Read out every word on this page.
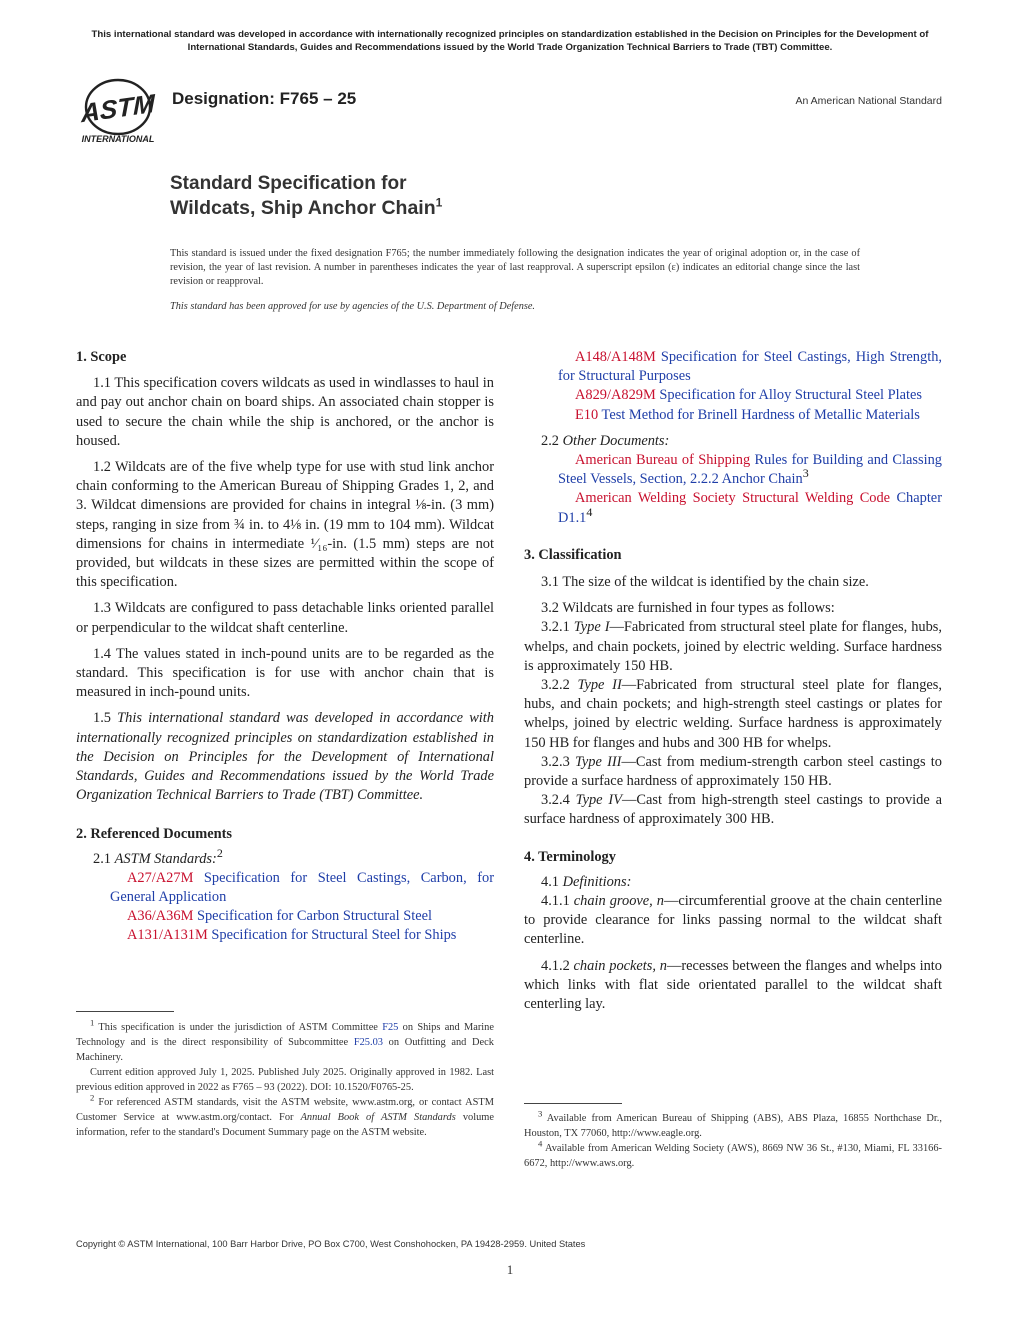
This international standard was developed in accordance with internationally recognized principles on standardization established in the Decision on Principles for the Development of International Standards, Guides and Recommendations issued by the World Trade Organization Technical Barriers to Trade (TBT) Committee.
ASTM
INTERNATIONAL
Designation: F765 – 25	An American National Standard
Standard Specification for
Wildcats, Ship Anchor Chain$^1$
This standard is issued under the fixed designation F765; the number immediately following the designation indicates the year of original adoption or, in the case of revision, the year of last revision. A number in parentheses indicates the year of last reapproval. A superscript epsilon (ε) indicates an editorial change since the last revision or reapproval.
This standard has been approved for use by agencies of the U.S. Department of Defense.
1. Scope

1.1 This specification covers wildcats as used in windlasses to haul in and pay out anchor chain on board ships. An associated chain stopper is used to secure the chain while the ship is anchored, or the anchor is housed.

1.2 Wildcats are of the five whelp type for use with stud link anchor chain conforming to the American Bureau of Shipping Grades 1, 2, and 3. Wildcat dimensions are provided for chains in integral ⅛-in. (3 mm) steps, ranging in size from ¾ in. to 4⅛ in. (19 mm to 104 mm). Wildcat dimensions for chains in intermediate ¹⁄₁₆-in. (1.5 mm) steps are not provided, but wildcats in these sizes are permitted within the scope of this specification.

1.3 Wildcats are configured to pass detachable links oriented parallel or perpendicular to the wildcat shaft centerline.

1.4 The values stated in inch-pound units are to be regarded as the standard. This specification is for use with anchor chain that is measured in inch-pound units.

1.5 This international standard was developed in accordance with internationally recognized principles on standardization established in the Decision on Principles for the Development of International Standards, Guides and Recommendations issued by the World Trade Organization Technical Barriers to Trade (TBT) Committee.

2. Referenced Documents

2.1 ASTM Standards:$^2$

A27/A27M Specification for Steel Castings, Carbon, for General Application

A36/A36M Specification for Carbon Structural Steel

A131/A131M Specification for Structural Steel for Ships

A148/A148M Specification for Steel Castings, High Strength, for Structural Purposes

A829/A829M Specification for Alloy Structural Steel Plates

E10 Test Method for Brinell Hardness of Metallic Materials

2.2 Other Documents:

American Bureau of Shipping Rules for Building and Classing Steel Vessels, Section, 2.2.2 Anchor Chain$^3$

American Welding Society Structural Welding Code Chapter $D1.1^4$

3. Classification

3.1 The size of the wildcat is identified by the chain size.

3.2 Wildcats are furnished in four types as follows:

3.2.1 Type I—Fabricated from structural steel plate for flanges, hubs, whelps, and chain pockets, joined by electric welding. Surface hardness is approximately 150 HB.

3.2.2 Type II—Fabricated from structural steel plate for flanges, hubs, and chain pockets; and high-strength steel castings or plates for whelps, joined by electric welding. Surface hardness is approximately 150 HB for flanges and hubs and 300 HB for whelps.

3.2.3 Type III—Cast from medium-strength carbon steel castings to provide a surface hardness of approximately 150 HB.

3.2.4 Type IV—Cast from high-strength steel castings to provide a surface hardness of approximately 300 HB.

4. Terminology

4.1 Definitions:

4.1.1 chain groove, n—circumferential groove at the chain centerline to provide clearance for links passing normal to the wildcat shaft centerline.

4.1.2 chain pockets, n—recesses between the flanges and whelps into which links with flat side orientated parallel to the wildcat shaft centerling lay.

$^1$ This specification is under the jurisdiction of ASTM Committee F25 on Ships and Marine Technology and is the direct responsibility of Subcommittee F25.03 on Outfitting and Deck Machinery.

Current edition approved July 1, 2025. Published July 2025. Originally approved in 1982. Last previous edition approved in 2022 as F765 – 93 (2022). DOI: 10.1520/F0765-25.

$^2$ For referenced ASTM standards, visit the ASTM website, www.astm.org, or contact ASTM Customer Service at www.astm.org/contact. For Annual Book of ASTM Standards volume information, refer to the standard's Document Summary page on the ASTM website.

$^3$ Available from American Bureau of Shipping (ABS), ABS Plaza, 16855 Northchase Dr., Houston, TX 77060, http://www.eagle.org.

$^4$ Available from American Welding Society (AWS), 8669 NW 36 St., #130, Miami, FL 33166-6672, http://www.aws.org.

Copyright © ASTM International, 100 Barr Harbor Drive, PO Box C700, West Conshohocken, PA 19428-2959. United States
1
